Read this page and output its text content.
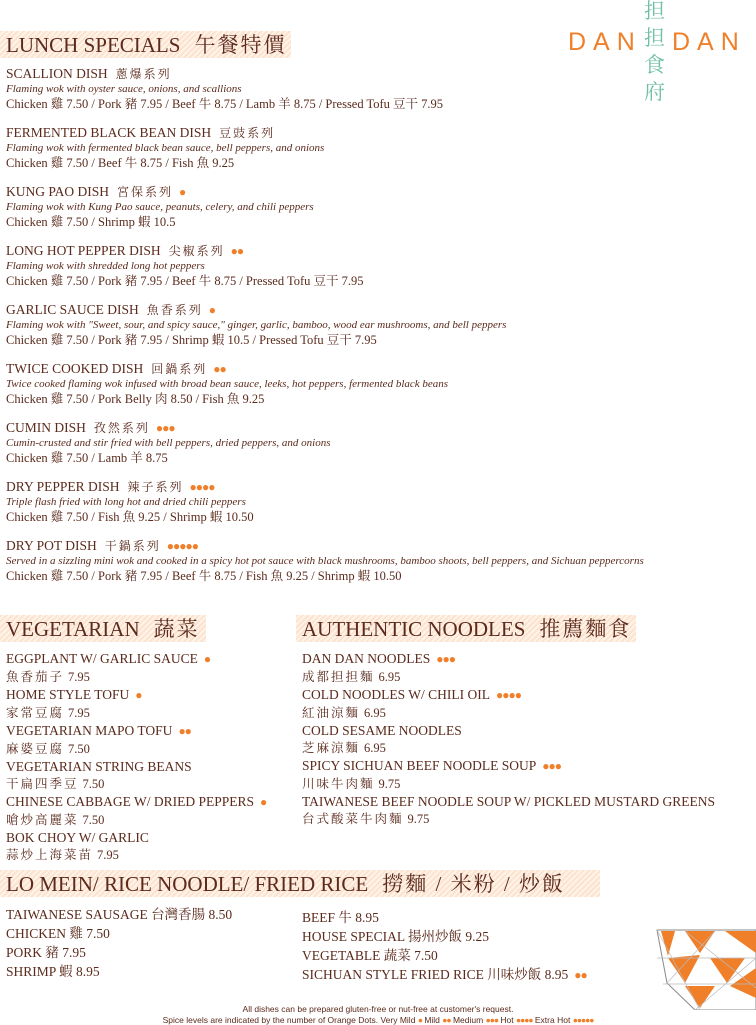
DAN DAN
担
担
食
府
LUNCH SPECIALS 午餐特價
SCALLION DISH 蔥爆系列
Flaming wok with oyster sauce, onions, and scallions
Chicken 雞 7.50 / Pork 豬 7.95 / Beef 牛 8.75 / Lamb 羊 8.75 / Pressed Tofu 豆干 7.95
FERMENTED BLACK BEAN DISH 豆豉系列
Flaming wok with fermented black bean sauce, bell peppers, and onions
Chicken 雞 7.50 / Beef 牛 8.75 / Fish 魚 9.25
KUNG PAO DISH 宮保系列 ●
Flaming wok with Kung Pao sauce, peanuts, celery, and chili peppers
Chicken 雞 7.50 / Shrimp 蝦 10.5
LONG HOT PEPPER DISH 尖椒系列 ●●
Flaming wok with shredded long hot peppers
Chicken 雞 7.50 / Pork 豬 7.95 / Beef 牛 8.75 / Pressed Tofu 豆干 7.95
GARLIC SAUCE DISH 魚香系列 ●
Flaming wok with "Sweet, sour, and spicy sauce," ginger, garlic, bamboo, wood ear mushrooms, and bell peppers
Chicken 雞 7.50 / Pork 豬 7.95 / Shrimp 蝦 10.5 / Pressed Tofu 豆干 7.95
TWICE COOKED DISH 回鍋系列 ●●
Twice cooked flaming wok infused with broad bean sauce, leeks, hot peppers, fermented black beans
Chicken 雞 7.50 / Pork Belly 肉 8.50 / Fish 魚 9.25
CUMIN DISH 孜然系列 ●●●
Cumin-crusted and stir fried with bell peppers, dried peppers, and onions
Chicken 雞 7.50 / Lamb 羊 8.75
DRY PEPPER DISH 辣子系列 ●●●●
Triple flash fried with long hot and dried chili peppers
Chicken 雞 7.50 / Fish 魚 9.25 / Shrimp 蝦 10.50
DRY POT DISH 干鍋系列 ●●●●●
Served in a sizzling mini wok and cooked in a spicy hot pot sauce with black mushrooms, bamboo shoots, bell peppers, and Sichuan peppercorns
Chicken 雞 7.50 / Pork 豬 7.95 / Beef 牛 8.75 / Fish 魚 9.25 / Shrimp 蝦 10.50
VEGETARIAN 蔬菜
EGGPLANT W/ GARLIC SAUCE ●
魚香茄子 7.95
HOME STYLE TOFU ●
家常豆腐 7.95
VEGETARIAN MAPO TOFU ●●
麻婆豆腐 7.50
VEGETARIAN STRING BEANS
干扁四季豆 7.50
CHINESE CABBAGE W/ DRIED PEPPERS ●
嗆炒高麗菜 7.50
BOK CHOY W/ GARLIC
蒜炒上海菜苗 7.95
AUTHENTIC NOODLES 推薦麵食
DAN DAN NOODLES ●●●
成都担担麵 6.95
COLD NOODLES W/ CHILI OIL ●●●●
紅油涼麵 6.95
COLD SESAME NOODLES
芝麻涼麵 6.95
SPICY SICHUAN BEEF NOODLE SOUP ●●●
川味牛肉麵 9.75
TAIWANESE BEEF NOODLE SOUP W/ PICKLED MUSTARD GREENS
台式酸菜牛肉麵 9.75
LO MEIN/ RICE NOODLE/ FRIED RICE 撈麵 / 米粉 / 炒飯
TAIWANESE SAUSAGE 台灣香腸 8.50
CHICKEN 雞 7.50
PORK 豬 7.95
SHRIMP 蝦 8.95
BEEF 牛 8.95
HOUSE SPECIAL 揚州炒飯 9.25
VEGETABLE 蔬菜 7.50
SICHUAN STYLE FRIED RICE 川味炒飯 8.95 ●●
All dishes can be prepared gluten-free or nut-free at customer's request.
Spice levels are indicated by the number of Orange Dots. Very Mild ● Mild ●● Medium ●●● Hot ●●●● Extra Hot ●●●●●
